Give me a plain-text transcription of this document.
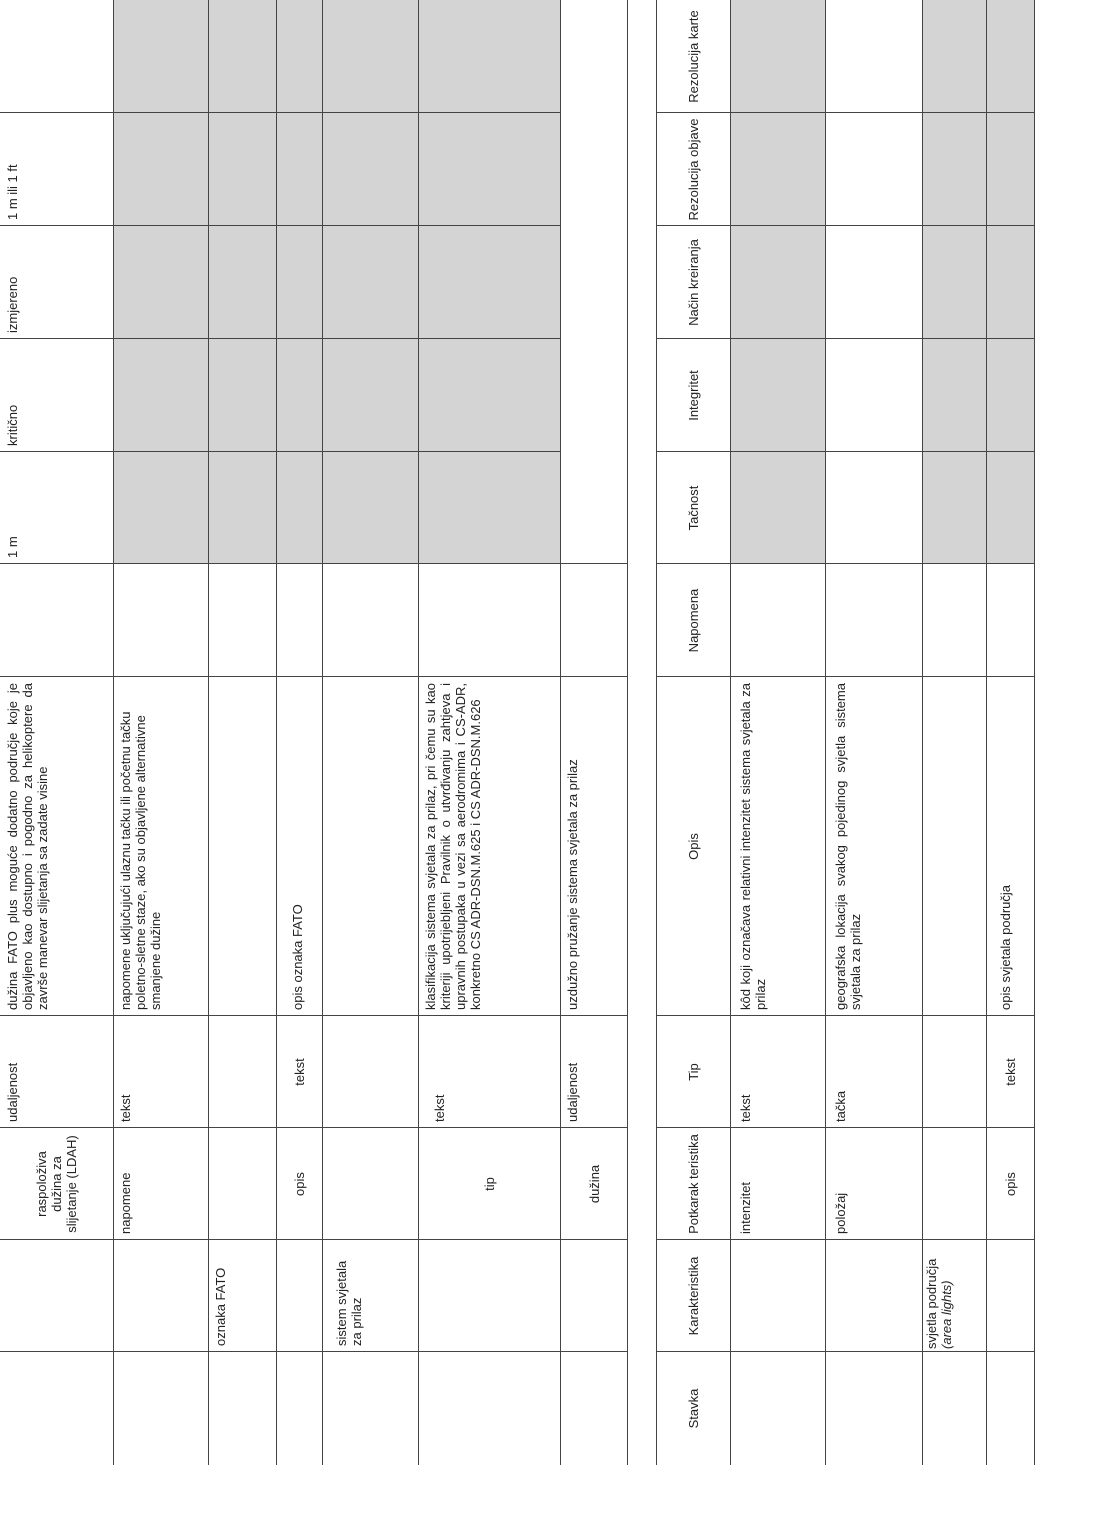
raspoloživa dužina za slijetanje (LDAH)
udaljenost
dužina FATO plus moguće dodatno područje koje je objavljeno kao dostupno i pogodno za helikoptere da završe manevar slijetanja sa zadate visine
1 m
kritično
izmjereno
1 m ili 1 ft
napomene
tekst
napomene uključujući ulaznu tačku ili početnu tačku poletno-sletne staze, ako su objavljene alternativne smanjene dužine
oznaka FATO
opis
tekst
opis oznaka FATO
sistem svjetala za prilaz
tip
tekst
klasifikacija sistema svjetala za prilaz, pri čemu su kao kriteriji upotrijebljeni Pravilnik o utvrđivanju zahtjeva i upravnih postupaka u vezi sa aerodromima i CS-ADR, konkretno CS ADR-DSN.M.625 i CS ADR-DSN.M.626
dužina
udaljenost
uzdužno pružanje sistema svjetala za prilaz
Stavka
Karakteristika
Potkarak teristika
Tip
Opis
Napomena
Tačnost
Integritet
Način kreiranja
Rezolucija objave
Rezolucija karte
intenzitet
tekst
kôd koji označava relativni intenzitet sistema svjetala za prilaz
položaj
tačka
geografska lokacija svakog pojedinog svjetla sistema svjetala za prilaz
svjetla područja
(area lights)
opis
tekst
opis svjetala područja
